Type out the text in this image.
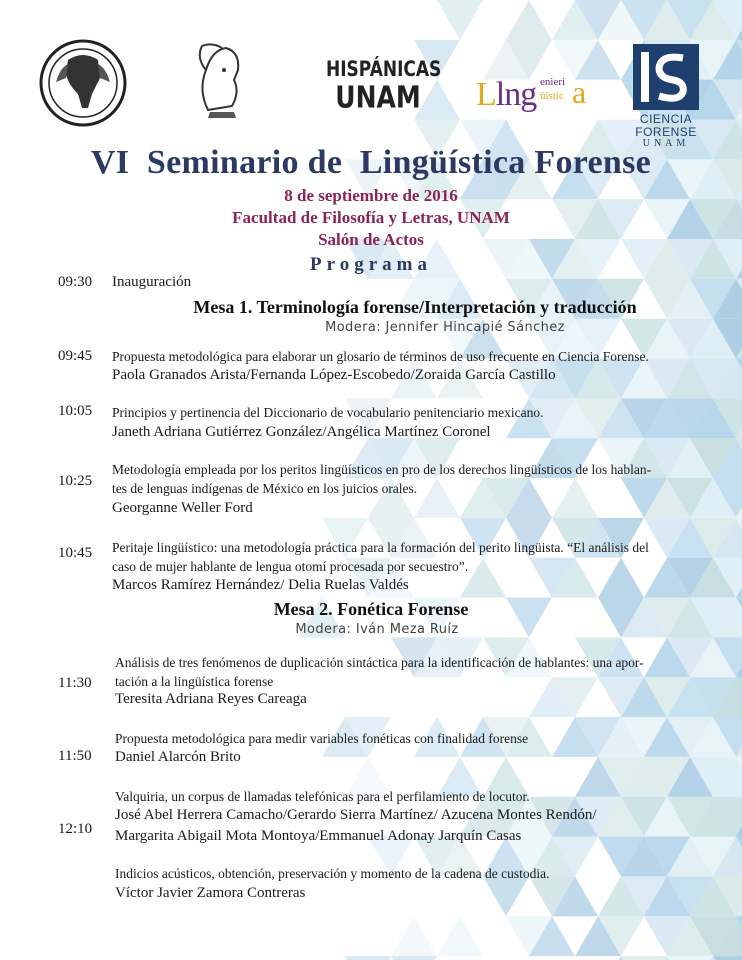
HISPÁNICAS
UNAM Llng enieri
üistic a
CIENCIA
FORENSE
UNAM
VI  Seminario de  Lingüística Forense
8 de septiembre de 2016
Facultad de Filosofía y Letras, UNAM
Salón de Actos
Programa
09:30 Inauguración
Mesa 1. Terminología forense/Interpretación y traducción
Modera: Jennifer Hincapié Sánchez
09:45 Propuesta metodológica para elaborar un glosario de términos de uso frecuente en Ciencia Forense.
Paola Granados Arista/Fernanda López-Escobedo/Zoraida García Castillo
10:05 Principios y pertinencia del Diccionario de vocabulario penitenciario mexicano.
Janeth Adriana Gutiérrez González/Angélica Martínez Coronel
10:25
Metodología empleada por los peritos lingüísticos en pro de los derechos lingüísticos de los hablan-
tes de lenguas indígenas de México en los juicios orales.
Georganne Weller Ford
10:45 Peritaje lingüístico: una metodología práctica para la formación del perito lingüista. “El análisis del
caso de mujer hablante de lengua otomí procesada por secuestro”.
Marcos Ramírez Hernández/ Delia Ruelas Valdés
Mesa 2. Fonética Forense
Modera: Iván Meza Ruíz
11:30
Análisis de tres fenómenos de duplicación sintáctica para la identificación de hablantes: una apor-
tación a la lingüística forense
Teresita Adriana Reyes Careaga
11:50
Propuesta metodológica para medir variables fonéticas con finalidad forense
Daniel Alarcón Brito
12:10
Valquiria, un corpus de llamadas telefónicas para el perfilamiento de locutor.
José Abel Herrera Camacho/Gerardo Sierra Martínez/ Azucena Montes Rendón/
Margarita Abigail Mota Montoya/Emmanuel Adonay Jarquín Casas
Indicios acústicos, obtención, preservación y momento de la cadena de custodia.
Víctor Javier Zamora Contreras
